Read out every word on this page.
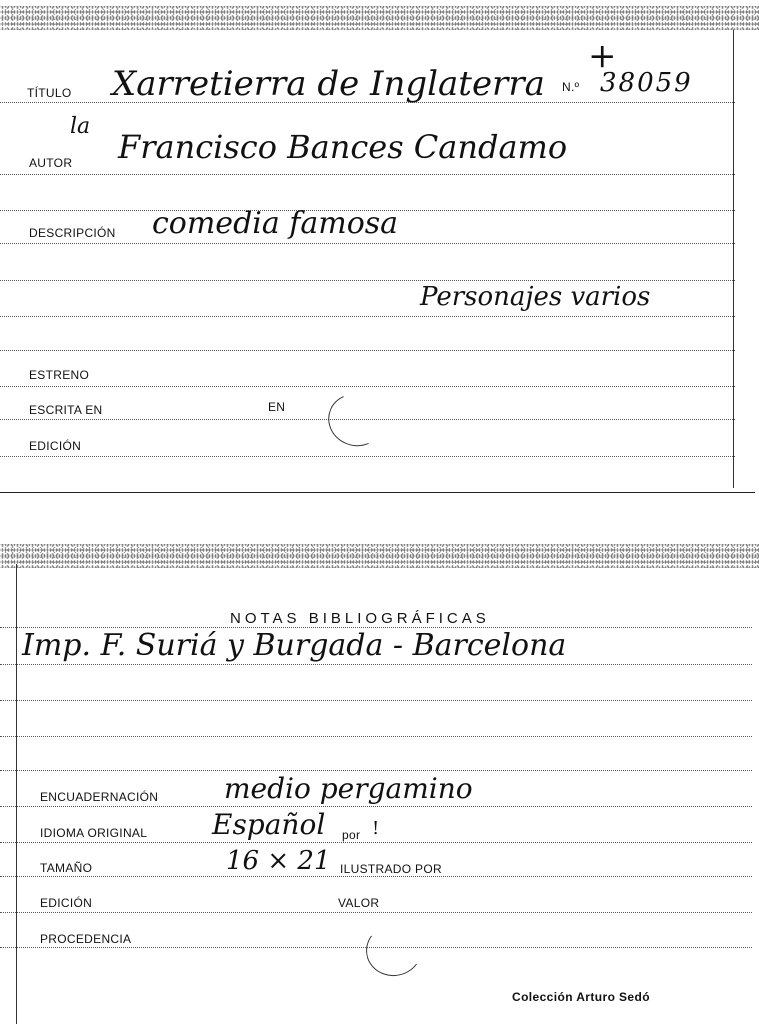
TÍTULO Xarretierra de Inglaterra
la
N.º 38059
+
AUTOR Francisco Bances Candamo
DESCRIPCIÓN comedia famosa
Personajes varios
ESTRENO
ESCRITA EN	EN
EDICIÓN
NOTAS BIBLIOGRÁFICAS
Imp. F. Suriá y Burgada - Barcelona
ENCUADERNACIÓN medio pergamino
IDIOMA ORIGINAL Español por !
TAMAÑO	16 × 21 ILUSTRADO POR
EDICIÓN	VALOR
PROCEDENCIA
Colección Arturo Sedó
